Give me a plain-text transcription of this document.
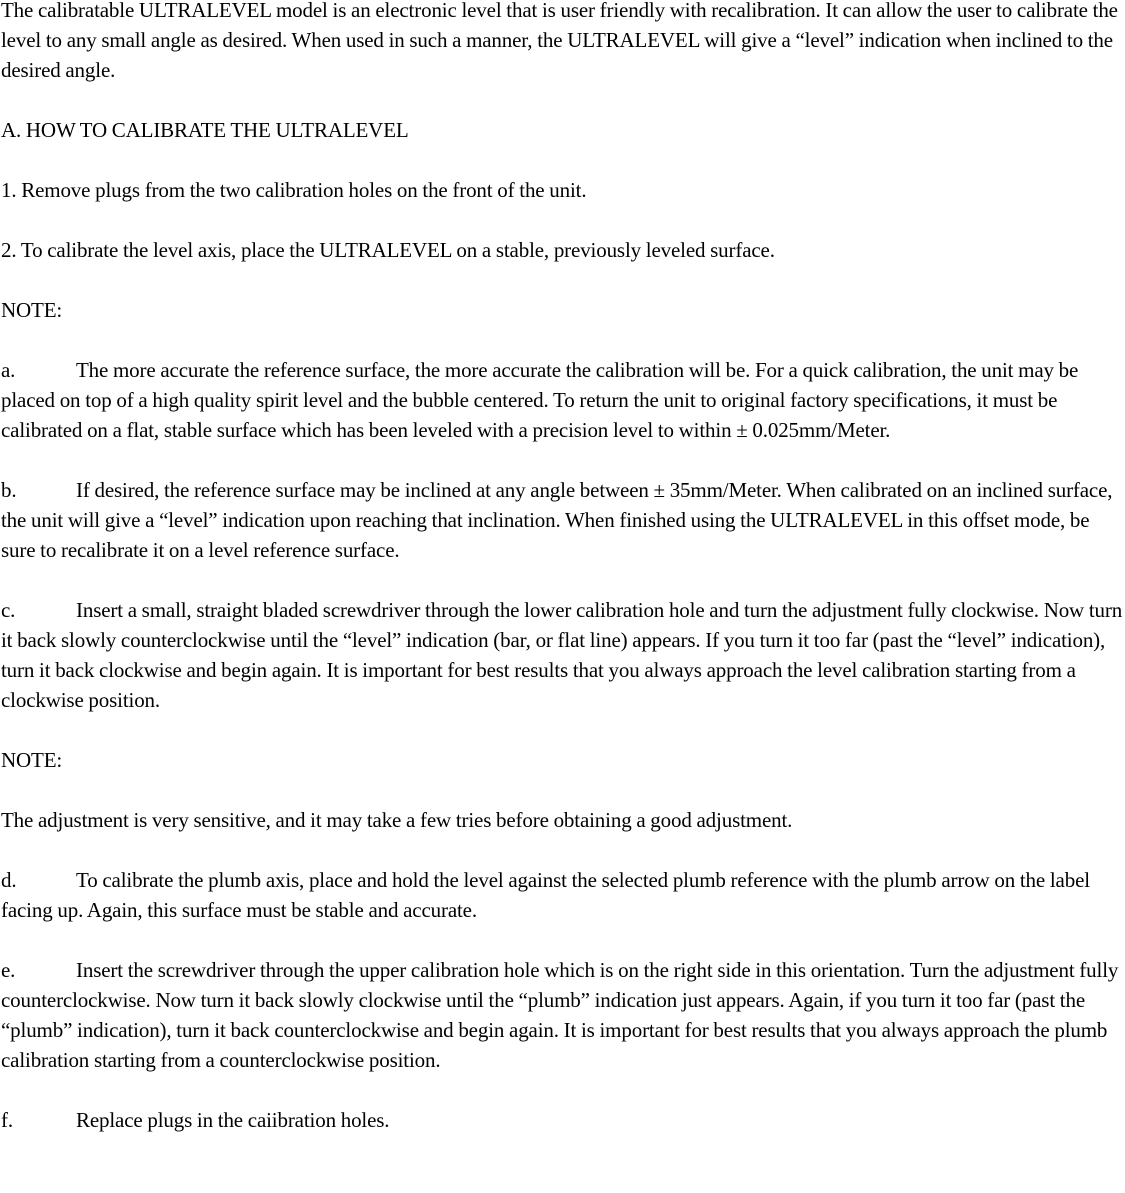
The calibratable ULTRALEVEL model is an electronic level that is user friendly with recalibration. It can allow the user to calibrate the level to any small angle as desired. When used in such a manner, the ULTRALEVEL will give a “level” indication when inclined to the desired angle.
A. HOW TO CALIBRATE THE ULTRALEVEL
1. Remove plugs from the two calibration holes on the front of the unit.
2. To calibrate the level axis, place the ULTRALEVEL on a stable, previously leveled surface.
NOTE:
a.	The more accurate the reference surface, the more accurate the calibration will be. For a quick calibration, the unit may be placed on top of a high quality spirit level and the bubble centered. To return the unit to original factory specifications, it must be calibrated on a flat, stable surface which has been leveled with a precision level to within ± 0.025mm/Meter.
b.	If desired, the reference surface may be inclined at any angle between ± 35mm/Meter. When calibrated on an inclined surface, the unit will give a “level” indication upon reaching that inclination. When finished using the ULTRALEVEL in this offset mode, be sure to recalibrate it on a level reference surface.
c.	Insert a small, straight bladed screwdriver through the lower calibration hole and turn the adjustment fully clockwise. Now turn it back slowly counterclockwise until the “level” indication (bar, or flat line) appears. If you turn it too far (past the “level” indication), turn it back clockwise and begin again. It is important for best results that you always approach the level calibration starting from a clockwise position.
NOTE:
The adjustment is very sensitive, and it may take a few tries before obtaining a good adjustment.
d.	To calibrate the plumb axis, place and hold the level against the selected plumb reference with the plumb arrow on the label facing up. Again, this surface must be stable and accurate.
e.	Insert the screwdriver through the upper calibration hole which is on the right side in this orientation. Turn the adjustment fully counterclockwise. Now turn it back slowly clockwise until the “plumb” indication just appears. Again, if you turn it too far (past the “plumb” indication), turn it back counterclockwise and begin again. It is important for best results that you always approach the plumb calibration starting from a counterclockwise position.
f.	Replace plugs in the caiibration holes.
